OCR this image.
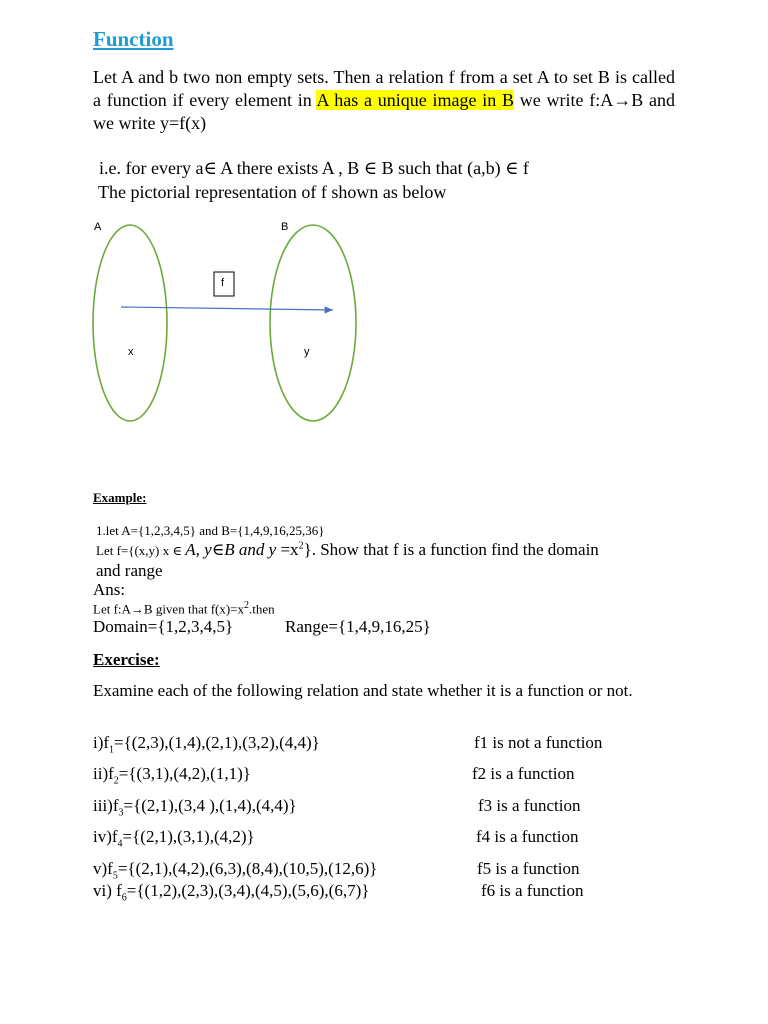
Function
Let A and b two non empty sets. Then a relation f from a set A to set B is called a function if every element in A has a unique image in B we write f:A→B and we write y=f(x)
i.e. for every a∈ A there exists A , B ∈ B such that (a,b) ∈ f
The pictorial representation of f shown as below
A	B
f
x	y
Example:
1.let A={1,2,3,4,5} and B={1,4,9,16,25,36}
Let f={(x,y) x ∈ A, y∈B and $y =x^2$}. Show that f is a function find the domain
and range
Ans:
Let f:A→B given that $f(x)=x^2.then$
Domain={1,2,3,4,5}	Range={1,4,9,16,25}
Exercise:
Examine each of the following relation and state whether it is a function or not.
$i)f_1=\{(2,3),(1,4),(2,1),(3,2),(4,4)\}$	f1 is not a function
$ii)f_2=\{(3,1),(4,2),(1,1)\}$	f2 is a function
$iii)f_3=\{(2,1),(3,4$ ),(1,4),(4,4)}	f3 is a function
$iv)f_4=\{(2,1),(3,1),(4,2)\}$	f4 is a function
$v)f_5=\{(2,1),(4,2),(6,3),(8,4),(10,5),(12,6)\}$	f5 is a function
vi) $f_6=\{(1,2),(2,3),(3,4),(4,5),(5,6),(6,7)\}$	f6 is a function
